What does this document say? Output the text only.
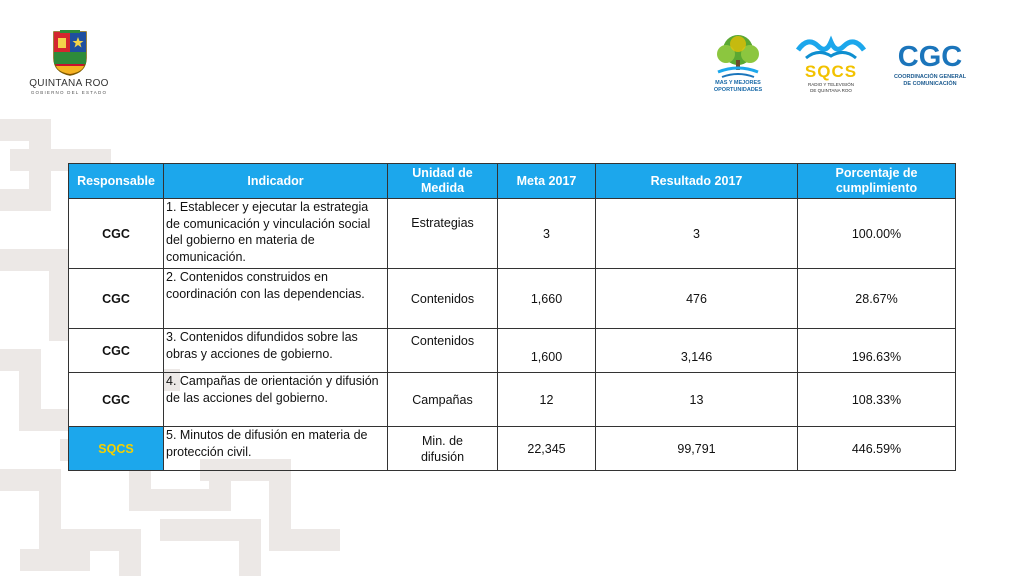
QUINTANA ROO
GOBIERNO DEL ESTADO
MAS Y MEJORES
OPORTUNIDADES
SQCS
RADIO Y TELEVISIÓN
DE QUINTANA ROO
CGC
COORDINACIÓN GENERAL
DE COMUNICACIÓN
Responsable	Indicador	Unidad de Medida	Meta 2017	Resultado 2017	Porcentaje de cumplimiento
CGC	1. Establecer y ejecutar la estrategia de comunicación y vinculación social del gobierno en materia de comunicación.	Estrategias	3	3	100.00%
CGC	2. Contenidos construidos en coordinación con las dependencias.	Contenidos	1,660	476	28.67%
CGC	3. Contenidos difundidos sobre las obras y acciones de gobierno.	Contenidos	1,600	3,146	196.63%
CGC	4. Campañas de orientación y difusión de las acciones del gobierno.	Campañas	12	13	108.33%
SQCS	5. Minutos de difusión en materia de protección civil.	Min. de difusión	22,345	99,791	446.59%
